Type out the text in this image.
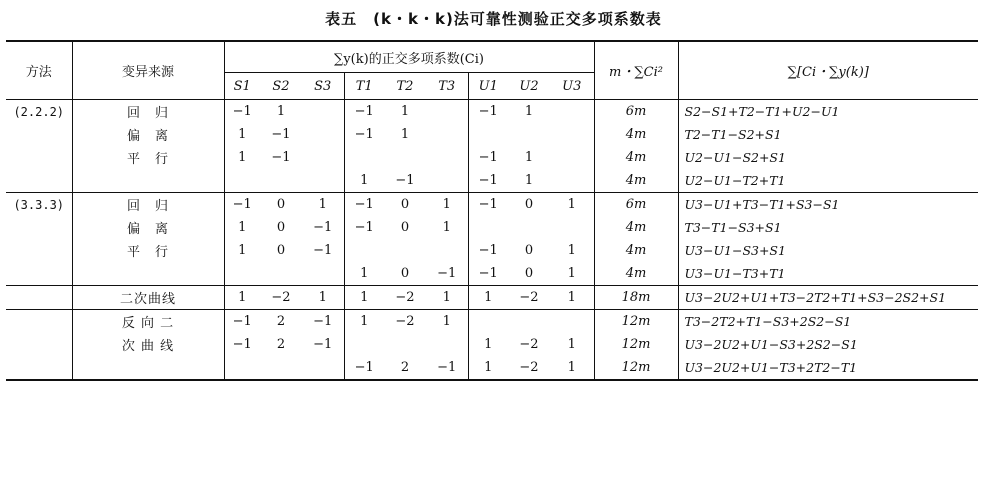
表五　(k・k・k)法可靠性测验正交多项系数表
方法	变异来源	∑y(k)的正交多项系数(Ci)									m・∑Ci²	∑[Ci・∑y(k)]
		S1	S2	S3	T1	T2	T3	U1	U2	U3		
(2.2.2)	回　归	−1	1		−1	1		−1	1		6m	S2−S1+T2−T1+U2−U1
	偏　离	1	−1		−1	1					4m	T2−T1−S2+S1
	平　行	1	−1					−1	1		4m	U2−U1−S2+S1
					1	−1		−1	1		4m	U2−U1−T2+T1
(3.3.3)	回　归	−1	0	1	−1	0	1	−1	0	1	6m	U3−U1+T3−T1+S3−S1
	偏　离	1	0	−1	−1	0	1				4m	T3−T1−S3+S1
	平　行	1	0	−1				−1	0	1	4m	U3−U1−S3+S1
					1	0	−1	−1	0	1	4m	U3−U1−T3+T1
	二次曲线	1	−2	1	1	−2	1	1	−2	1	18m	U3−2U2+U1+T3−2T2+T1+S3−2S2+S1
	反 向 二	−1	2	−1	1	−2	1				12m	T3−2T2+T1−S3+2S2−S1
	次 曲 线	−1	2	−1				1	−2	1	12m	U3−2U2+U1−S3+2S2−S1
					−1	2	−1	1	−2	1	12m	U3−2U2+U1−T3+2T2−T1
